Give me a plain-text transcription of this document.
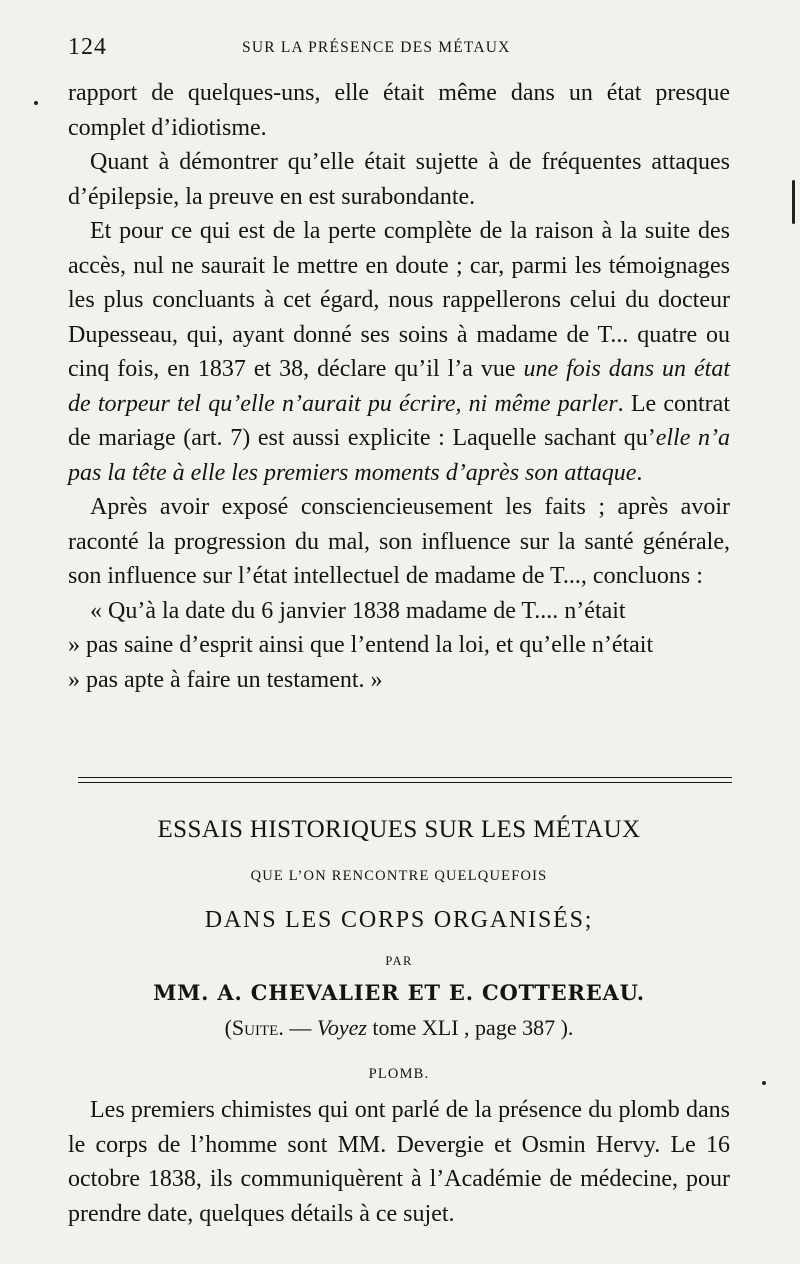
124	SUR LA PRÉSENCE DES MÉTAUX

rapport de quelques-uns, elle était même dans un état presque complet d’idiotisme.

Quant à démontrer qu’elle était sujette à de fréquentes attaques d’épilepsie, la preuve en est surabondante.

Et pour ce qui est de la perte complète de la raison à la suite des accès, nul ne saurait le mettre en doute ; car, parmi les témoignages les plus concluants à cet égard, nous rappellerons celui du docteur Dupesseau, qui, ayant donné ses soins à madame de T... quatre ou cinq fois, en 1837 et 38, déclare qu’il l’a vue une fois dans un état de torpeur tel qu’elle n’aurait pu écrire, ni même parler. Le contrat de mariage (art. 7) est aussi explicite : Laquelle sachant qu’elle n’a pas la tête à elle les premiers moments d’après son attaque.

Après avoir exposé consciencieusement les faits ; après avoir raconté la progression du mal, son influence sur la santé générale, son influence sur l’état intellectuel de madame de T..., concluons :

« Qu’à la date du 6 janvier 1838 madame de T.... n’était

» pas saine d’esprit ainsi que l’entend la loi, et qu’elle n’était

» pas apte à faire un testament. »

ESSAIS HISTORIQUES SUR LES MÉTAUX
QUE L’ON RENCONTRE QUELQUEFOIS
DANS LES CORPS ORGANISÉS;
PAR
MM. A. CHEVALIER ET E. COTTEREAU.
(Suite. — Voyez tome XLI , page 387 ).
PLOMB.

Les premiers chimistes qui ont parlé de la présence du plomb dans le corps de l’homme sont MM. Devergie et Osmin Hervy. Le 16 octobre 1838, ils communiquèrent à l’Académie de médecine, pour prendre date, quelques détails à ce sujet.
